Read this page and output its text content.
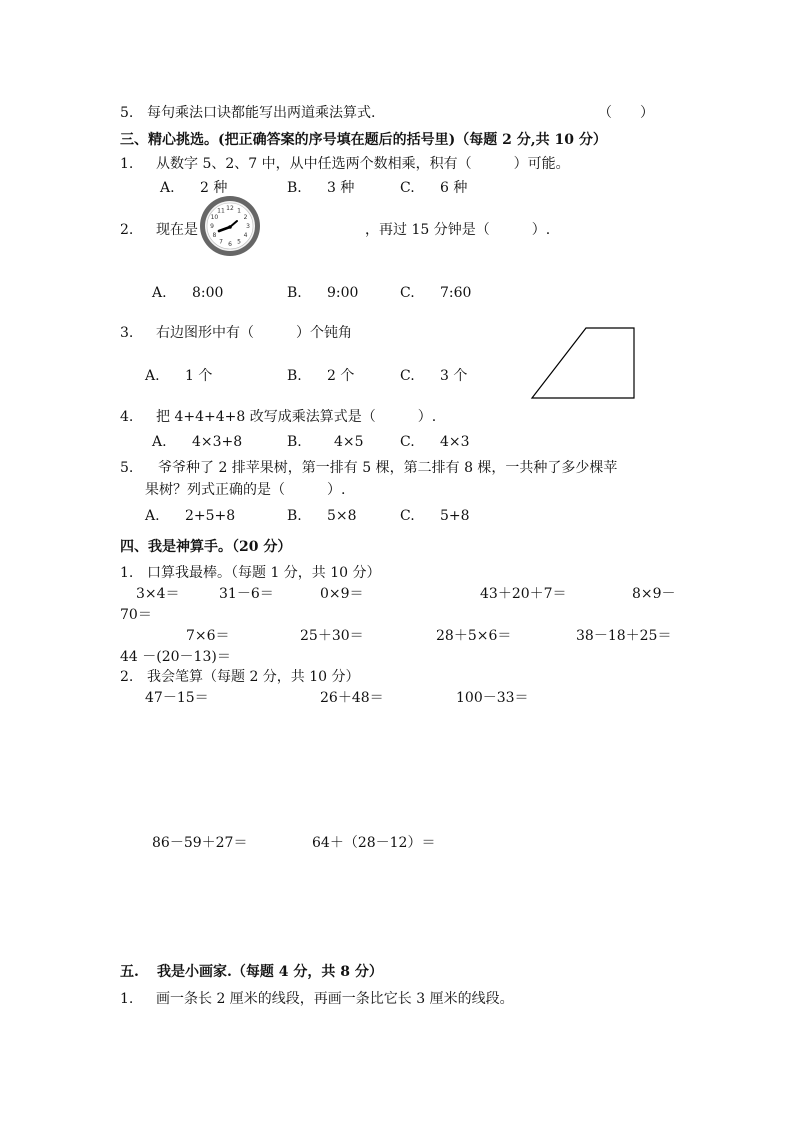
5. 每句乘法口诀都能写出两道乘法算式.	（　　）
三、精心挑选。(把正确答案的序号填在题后的括号里)（每题 2 分,共 10 分）
1. 从数字 5、2、7 中，从中任选两个数相乘，积有（　　　）可能。
A. 2 种	B. 3 种	C. 6 种
2. 现在是
12 1
2
3
4
5
6
7
8
9
10
11
，再过 15 分钟是（　　　）.
A. 8:00	B. 9:00	C. 7:60
3. 右边图形中有（　　　）个钝角
A. 1 个	B. 2 个	C. 3 个
4. 把 4+4+4+8 改写成乘法算式是（　　　）.
A. 4×3+8	B. 4×5	C. 4×3
5. 爷爷种了 2 排苹果树，第一排有 5 棵，第二排有 8 棵，一共种了多少棵苹
果树？列式正确的是（　　　）.
A. 2+5+8	B. 5×8	C. 5+8
四、我是神算手。（20 分）
1. 口算我最棒。（每题 1 分，共 10 分）
3×4＝	31－6＝	0×9＝	43＋20＋7＝	8×9－
70＝
7×6＝	25＋30＝	28＋5×6＝	38－18＋25＝
44 －(20－13)＝
2. 我会笔算（每题 2 分，共 10 分）
47－15＝	26＋48＝	100－33＝
86－59＋27＝	64＋（28－12）＝
五. 我是小画家.（每题 4 分，共 8 分）
1. 画一条长 2 厘米的线段，再画一条比它长 3 厘米的线段。
